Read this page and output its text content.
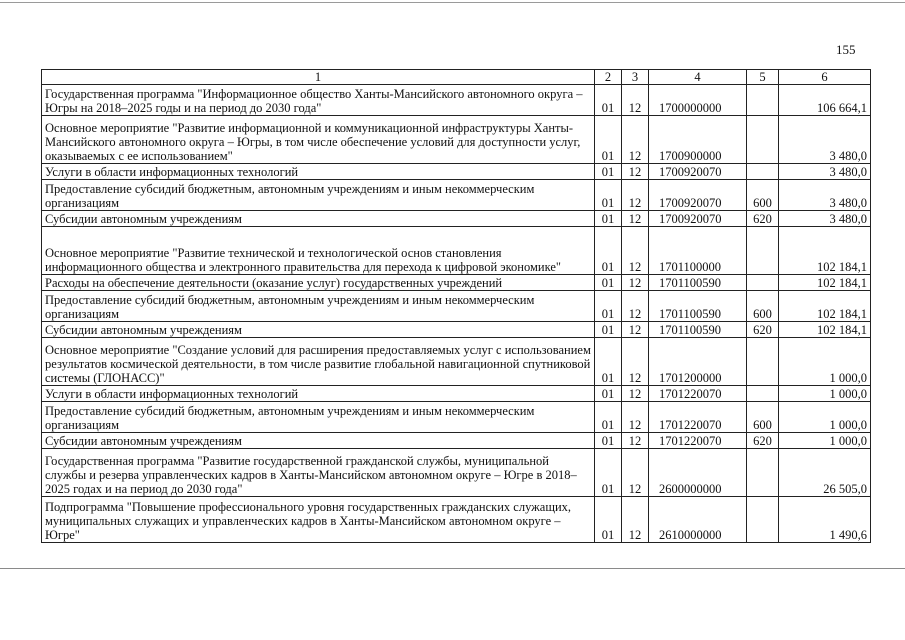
155
1	2	3	4	5	6
Государственная программа "Информационное общество Ханты-Мансийского автономного округа – Югры на 2018–2025 годы и на период до 2030 года"	01	12	1700000000		106 664,1
Основное мероприятие "Развитие информационной и коммуникационной инфраструктуры Ханты-Мансийского автономного округа – Югры, в том числе обеспечение условий для доступности услуг, оказываемых с ее использованием"	01	12	1700900000		3 480,0
Услуги в области информационных технологий	01	12	1700920070		3 480,0
Предоставление субсидий бюджетным, автономным учреждениям и иным некоммерческим организациям	01	12	1700920070	600	3 480,0
Субсидии автономным учреждениям	01	12	1700920070	620	3 480,0
Основное мероприятие "Развитие технической и технологической основ становления информационного общества и электронного правительства для перехода к цифровой экономике"	01	12	1701100000		102 184,1
Расходы на обеспечение деятельности (оказание услуг) государственных учреждений	01	12	1701100590		102 184,1
Предоставление субсидий бюджетным, автономным учреждениям и иным некоммерческим организациям	01	12	1701100590	600	102 184,1
Субсидии автономным учреждениям	01	12	1701100590	620	102 184,1
Основное мероприятие "Создание условий для расширения предоставляемых услуг с использованием результатов космической деятельности, в том числе развитие глобальной навигационной спутниковой системы (ГЛОНАСС)"	01	12	1701200000		1 000,0
Услуги в области информационных технологий	01	12	1701220070		1 000,0
Предоставление субсидий бюджетным, автономным учреждениям и иным некоммерческим организациям	01	12	1701220070	600	1 000,0
Субсидии автономным учреждениям	01	12	1701220070	620	1 000,0
Государственная программа "Развитие государственной гражданской службы, муниципальной службы и резерва управленческих кадров в Ханты-Мансийском автономном округе – Югре в 2018–2025 годах и на период до 2030 года"	01	12	2600000000		26 505,0
Подпрограмма "Повышение профессионального уровня государственных гражданских служащих, муниципальных служащих и управленческих кадров в Ханты-Мансийском автономном округе – Югре"	01	12	2610000000		1 490,6
